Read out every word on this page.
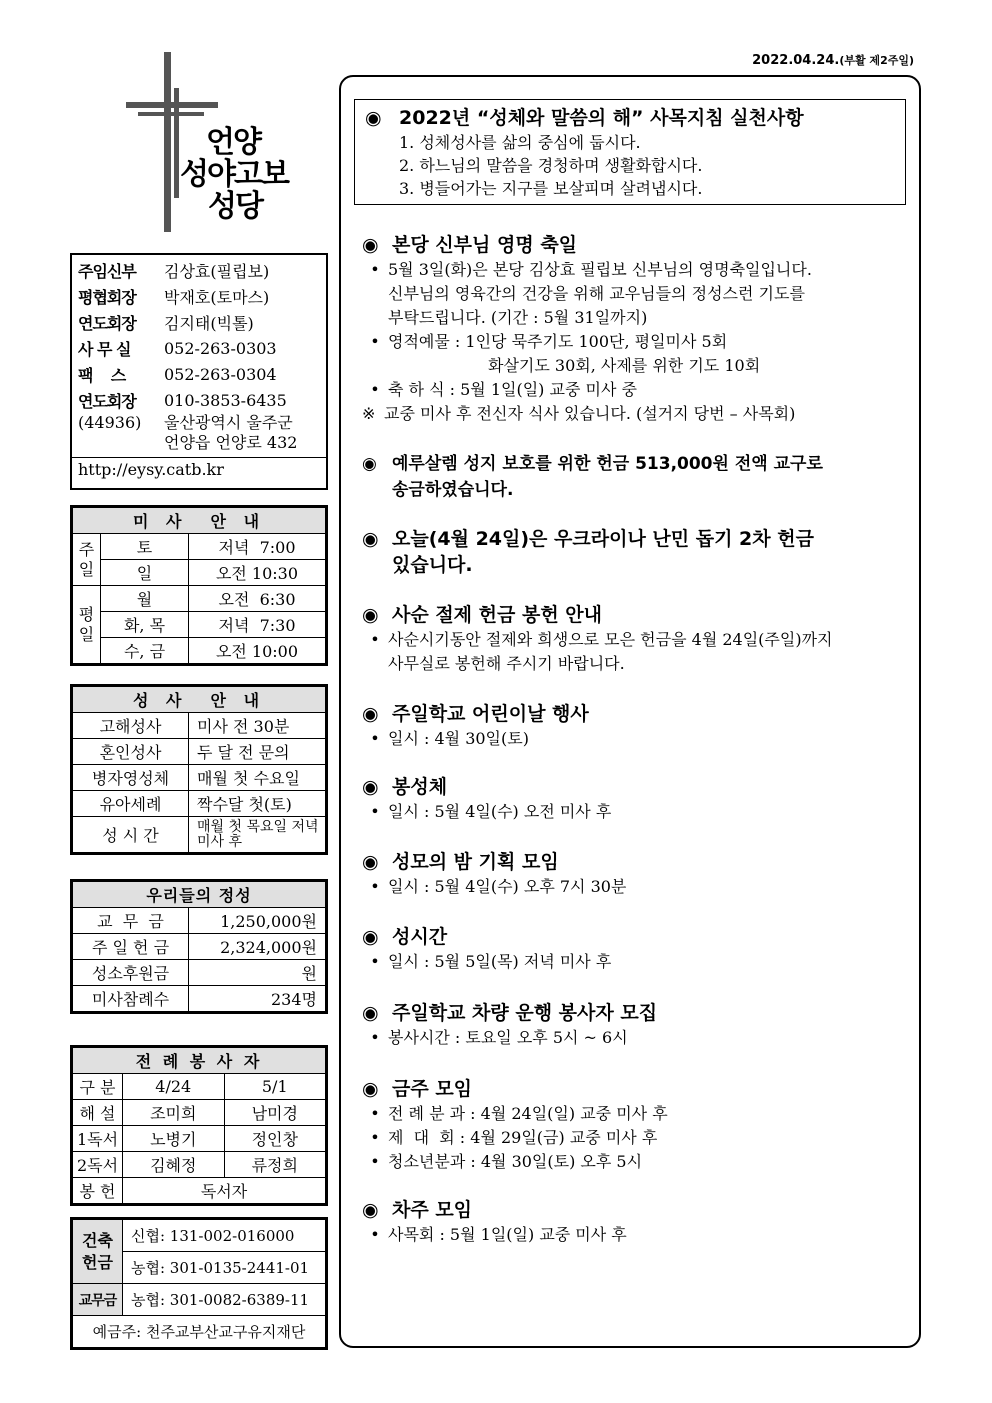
2022.04.24.(부활 제2주일)
언양
성야고보
성당
주임신부	김상효(필립보)
평협회장	박재호(토마스)
연도회장	김지태(빅톨)
사 무 실	052-263-0303
팩    스	052-263-0304
연도회장	010-3853-6435
(44936)	울산광역시 울주군
언양읍 언양로 432
http://eysy.catb.kr
미 사  안 내		
주일	토	저녁  7:00
	일	오전 10:30
평일	월	오전  6:30
	화, 목	저녁  7:30
	수, 금	오전 10:00
성 사  안 내	
고해성사	미사 전 30분
혼인성사	두 달 전 문의
병자영성체	매월 첫 수요일
유아세례	짝수달 첫(토)
성 시 간	매월 첫 목요일 저녁미사 후
우리들의 정성	
교  무  금	1,250,000원
주 일 헌 금	2,324,000원
성소후원금	원
미사참례수	234명
전 례 봉 사 자		
구 분	4/24	5/1
해 설	조미희	남미경
1독서	노병기	정인창
2독서	김혜정	류정희
봉 헌	독서자	
건축헌금	신협: 131-002-016000
	농협: 301-0135-2441-01
교무금	농협: 301-0082-6389-11
예금주: 천주교부산교구유지재단	
◉ 2022년 “성체와 말씀의 해” 사목지침 실천사항
1. 성체성사를 삶의 중심에 둡시다.
2. 하느님의 말씀을 경청하며 생활화합시다.
3. 병들어가는 지구를 보살피며 살려냅시다.
◉ 본당 신부님 영명 축일
• 5월 3일(화)은 본당 김상효 필립보 신부님의 영명축일입니다.
신부님의 영육간의 건강을 위해 교우님들의 정성스런 기도를
부탁드립니다. (기간 : 5월 31일까지)
• 영적예물 : 1인당 묵주기도 100단, 평일미사 5회
화살기도 30회, 사제를 위한 기도 10회
• 축 하 식 : 5월 1일(일) 교중 미사 중
※ 교중 미사 후 전신자 식사 있습니다. (설거지 당번 – 사목회)
◉ 예루살렘 성지 보호를 위한 헌금 513,000원 전액 교구로
송금하였습니다.
◉ 오늘(4월 24일)은 우크라이나 난민 돕기 2차 헌금
있습니다.
◉ 사순 절제 헌금 봉헌 안내
• 사순시기동안 절제와 희생으로 모은 헌금을 4월 24일(주일)까지
사무실로 봉헌해 주시기 바랍니다.
◉ 주일학교 어린이날 행사
• 일시 : 4월 30일(토)
◉ 봉성체
• 일시 : 5월 4일(수) 오전 미사 후
◉ 성모의 밤 기획 모임
• 일시 : 5월 4일(수) 오후 7시 30분
◉ 성시간
• 일시 : 5월 5일(목) 저녁 미사 후
◉ 주일학교 차량 운행 봉사자 모집
• 봉사시간 : 토요일 오후 5시 ~ 6시
◉ 금주 모임
• 전 례 분 과 : 4월 24일(일) 교중 미사 후
• 제  대  회 : 4월 29일(금) 교중 미사 후
• 청소년분과 : 4월 30일(토) 오후 5시
◉ 차주 모임
• 사목회 : 5월 1일(일) 교중 미사 후
